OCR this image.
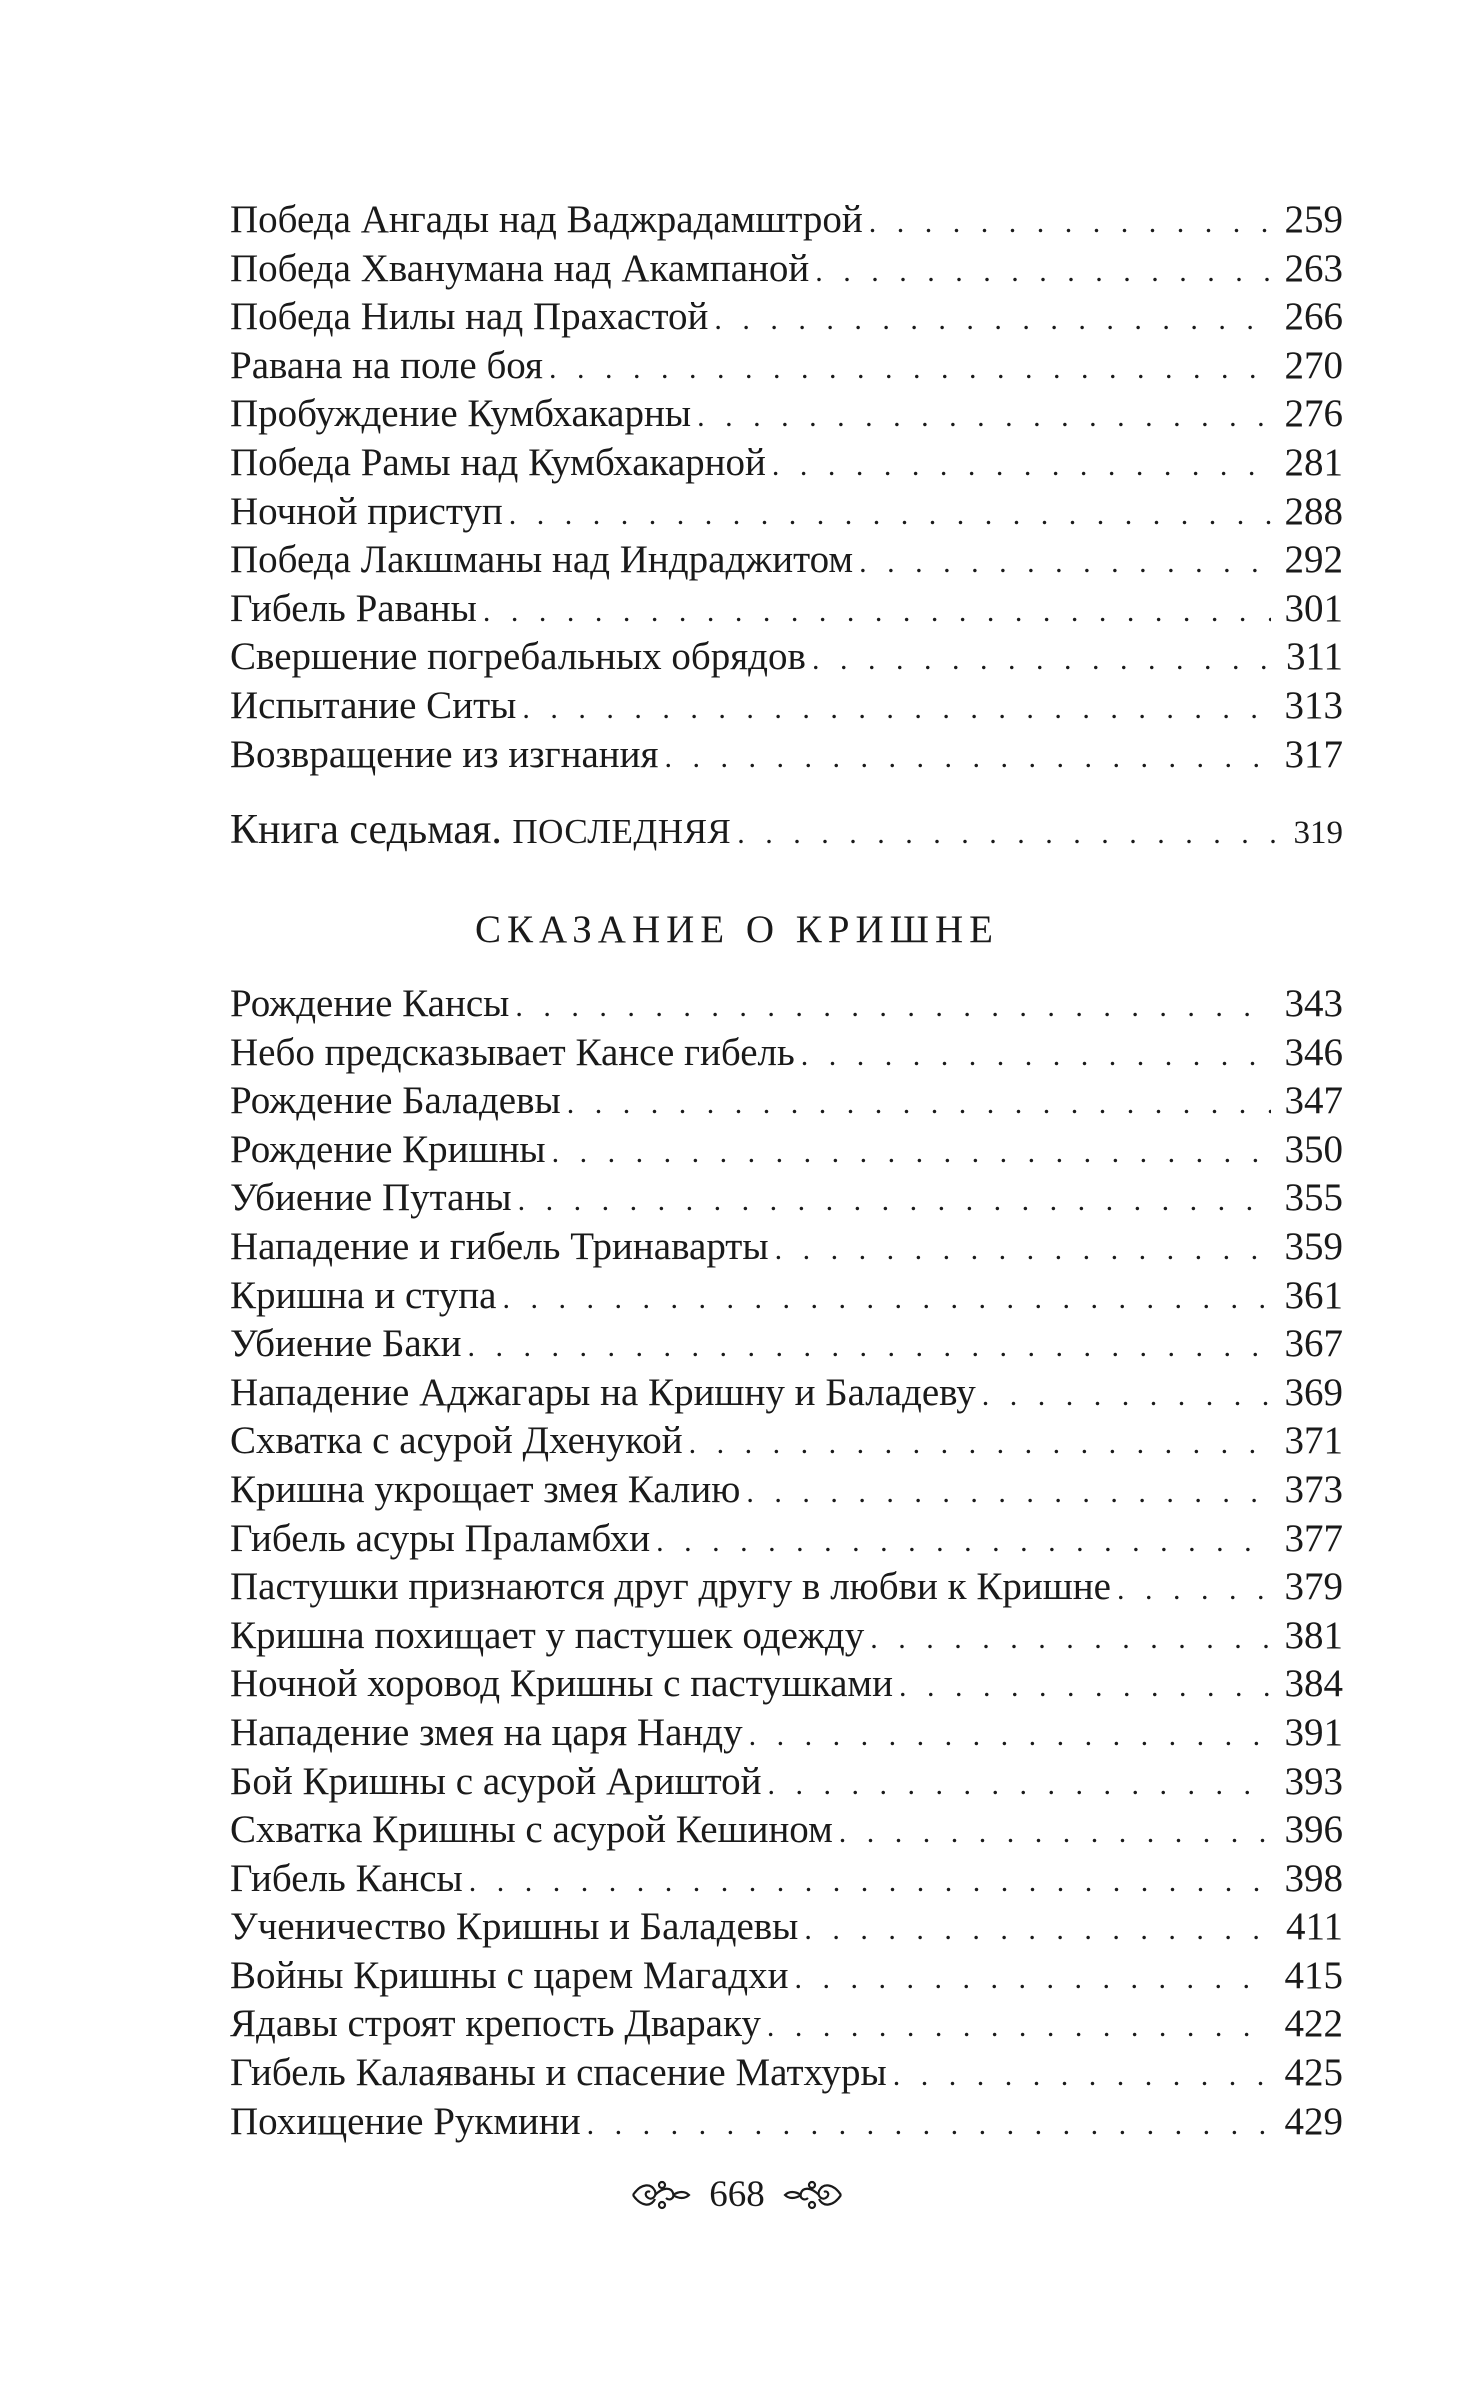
Победа Ангады над Ваджрадамштрой . . .	259
Победа Хванумана над Акампаной . . .	263
Победа Нилы над Прахастой . . .	266
Равана на поле боя . . .	270
Пробуждение Кумбхакарны . . .	276
Победа Рамы над Кумбхакарной . . .	281
Ночной приступ . . .	288
Победа Лакшманы над Индраджитом . . .	292
Гибель Раваны . . .	301
Свершение погребальных обрядов . . .	311
Испытание Ситы . . .	313
Возвращение из изгнания . . .	317
Книга седьмая. ПОСЛЕДНЯЯ . . .	319
СКАЗАНИЕ О КРИШНЕ
Рождение Кансы . . .	343
Небо предсказывает Кансе гибель . . .	346
Рождение Баладевы . . .	347
Рождение Кришны . . .	350
Убиение Путаны . . .	355
Нападение и гибель Тринаварты . . .	359
Кришна и ступа . . .	361
Убиение Баки . . .	367
Нападение Аджагары на Кришну и Баладеву . . .	369
Схватка с асурой Дхенукой . . .	371
Кришна укрощает змея Калию . . .	373
Гибель асуры Праламбхи . . .	377
Пастушки признаются друг другу в любви к Кришне . . .	379
Кришна похищает у пастушек одежду . . .	381
Ночной хоровод Кришны с пастушками . . .	384
Нападение змея на царя Нанду . . .	391
Бой Кришны с асурой Ариштой . . .	393
Схватка Кришны с асурой Кешином . . .	396
Гибель Кансы . . .	398
Ученичество Кришны и Баладевы . . .	411
Войны Кришны с царем Магадхи . . .	415
Ядавы строят крепость Двараку . . .	422
Гибель Калаяваны и спасение Матхуры . . .	425
Похищение Рукмини . . .	429
668
